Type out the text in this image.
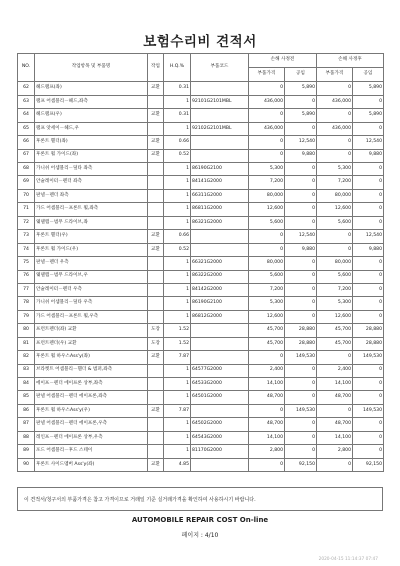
보험수리비 견적서
NO.	작업항목 및 부품명	작업	H.Q.%	부품코드	손해 사정전		손해 사정후	
					부품가격	공임	부품가격	공임
62	헤드램프(좌)	교환	0.31		0	5,890	0	5,890
63	램프 어셈블리－헤드,좌측		1	92101G2101MBL	436,000	0	436,000	0
64	헤드램프(우)	교환	0.31		0	5,890	0	5,890
65	램프 앗세이－헤드,우		1	92102G2101MBL	436,000	0	436,000	0
66	후론트 휀더(좌)	교환	0.66		0	12,540	0	12,540
67	후론트 휠 가이드(좌)	교환	0.52		0	9,880	0	9,880
68	가니쉬 어셈블리－덮타 좌측		1	86190G2100	5,300	0	5,300	0
69	안슐레이터－펜더 좌측		1	84141G2000	7,200	0	7,200	0
70	판넬－펜더 좌측		1	66311G2000	80,000	0	80,000	0
71	가드 어셈블리－프론트 휠,좌측		1	86811G2000	12,600	0	12,600	0
72	웨델랩－범무 드라이브,좌		1	86321G2000	5,600	0	5,600	0
73	후론트 휀더(우)	교환	0.66		0	12,540	0	12,540
74	후론트 휠 가이드(우)	교환	0.52		0	9,880	0	9,880
75	판넬－펜더 우측		1	66321G2000	80,000	0	80,000	0
76	웨델랩－범무 드라이브,우		1	86322G2000	5,600	0	5,600	0
77	안슐레이터－펜더 우측		1	84142G2000	7,200	0	7,200	0
78	가니쉬 어셈블리－덮타 우측		1	86190G2100	5,300	0	5,300	0
79	가드 어셈블리－프론트 휠,우측		1	86812G2000	12,600	0	12,600	0
80	프런트펜더(좌) 교환	도장	1.52		45,700	28,880	45,700	28,880
81	프런트펜더(우) 교환	도장	1.52		45,700	28,880	45,700	28,880
82	후론트 휠 하우스Ass'y(좌)	교환	7.87		0	149,530	0	149,530
83	브라켓트 어셈블리－휀더 & 범퍼,좌측		1	64577G2000	2,400	0	2,400	0
84	에이프－펜더 에이프론 상부,좌측		1	64533G2000	14,100	0	14,100	0
85	판넬 어셈블리－펜더 에이프론,좌측		1	64501G2000	48,700	0	48,700	0
86	후론트 휠 하우스Ass'y(우)	교환	7.87		0	149,530	0	149,530
87	판넬 어셈블리－펜더 에이프론,우측		1	64502G2000	48,700	0	48,700	0
88	레인프－펜더 에이프론 상부,우측		1	64543G2000	14,100	0	14,100	0
89	포드 어셈블리－후드 스테이		1	81170G2000	2,800	0	2,800	0
90	후론트 사이드멤버 Ass'y(좌)	교환	4.85		0	92,150	0	92,150
이 견적서/청구서의 부품가격은 참고 가격이므로 거래일 기준 실거래가격을 확인하여 사용하시기 바랍니다.
AUTOMOBILE REPAIR COST On-line
페이지 : 4/10
2020-04-15 11:14:37 07:47
